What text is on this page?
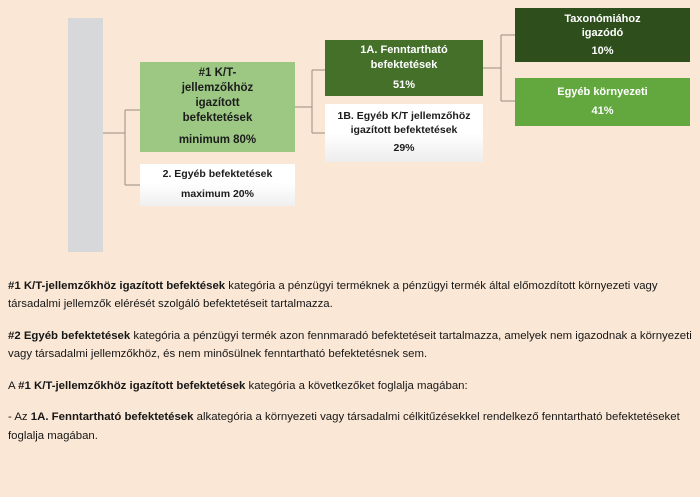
#1 K/T-
jellemzőkhöz
igazított
befektetések
minimum 80%
2. Egyéb befektetések
maximum 20%
1A. Fenntartható
befektetések
51%
1B. Egyéb K/T jellemzőhöz
igazított befektetések
29%
Taxonómiához
igazódó
10%
Egyéb környezeti
41%

#1 K/T-jellemzőkhöz igazított befektések kategória a pénzügyi terméknek a pénzügyi termék által előmozdított környezeti vagy társadalmi jellemzők elérését szolgáló befektetéseit tartalmazza.

#2 Egyéb befektetések kategória a pénzügyi termék azon fennmaradó befektetéseit tartalmazza, amelyek nem igazodnak a környezeti vagy társadalmi jellemzőkhöz, és nem minősülnek fenntartható befektetésnek sem.

A #1 K/T-jellemzőkhöz igazított befektetések kategória a következőket foglalja magában:

- Az 1A. Fenntartható befektetések alkategória a környezeti vagy társadalmi célkitűzésekkel rendelkező fenntartható befektetéseket foglalja magában.
